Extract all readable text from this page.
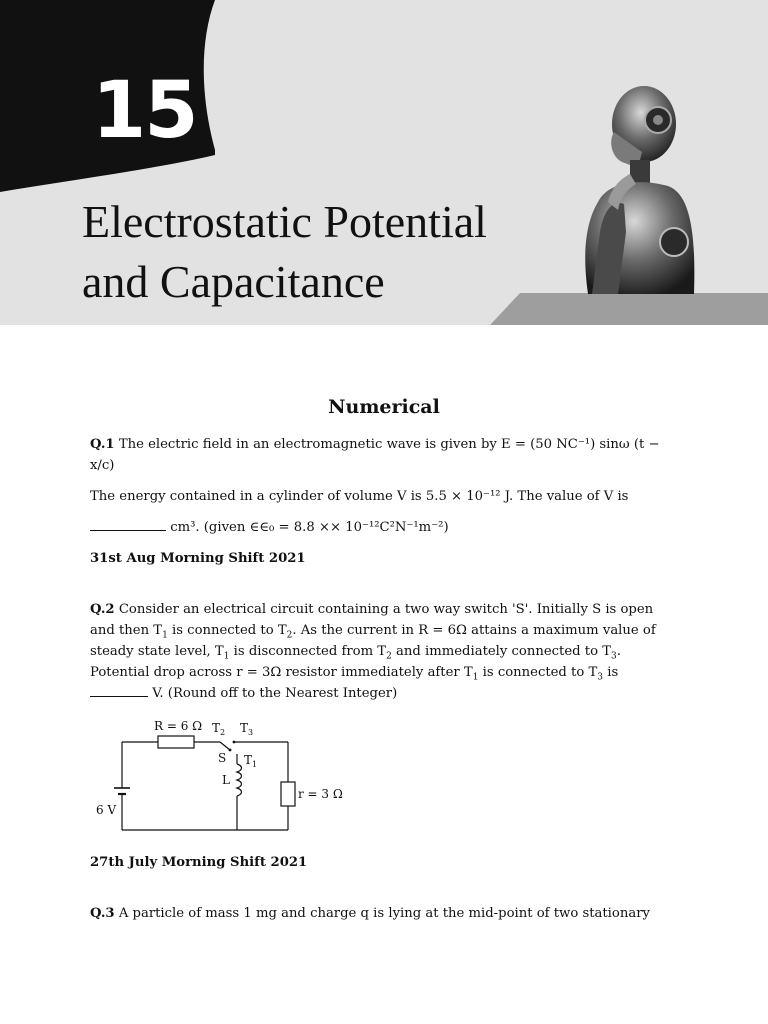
15
Electrostatic Potential
and Capacitance
Numerical

Q.1 The electric field in an electromagnetic wave is given by E = (50 NC⁻¹) sinω (t − x/c)

The energy contained in a cylinder of volume V is 5.5 × 10⁻¹² J. The value of V is

cm³. (given ∈∈₀ = 8.8 ×× 10⁻¹²C²N⁻¹m⁻²)

31st Aug Morning Shift 2021

Q.2 Consider an electrical circuit containing a two way switch 'S'. Initially S is open and then $T_1$ is connected to $T_2$. As the current in R = 6Ω attains a maximum value of steady state level, $T_1$ is disconnected from $T_2$ and immediately connected to $T_3$. Potential drop across r = 3Ω resistor immediately after $T_1$ is connected to $T_3$ is
V. (Round off to the Nearest Integer)

R = 6 Ω $T_2$ $T_3$
S $T_1$
L
6 V
r = 3 Ω

27th July Morning Shift 2021

Q.3 A particle of mass 1 mg and charge q is lying at the mid-point of two stationary
